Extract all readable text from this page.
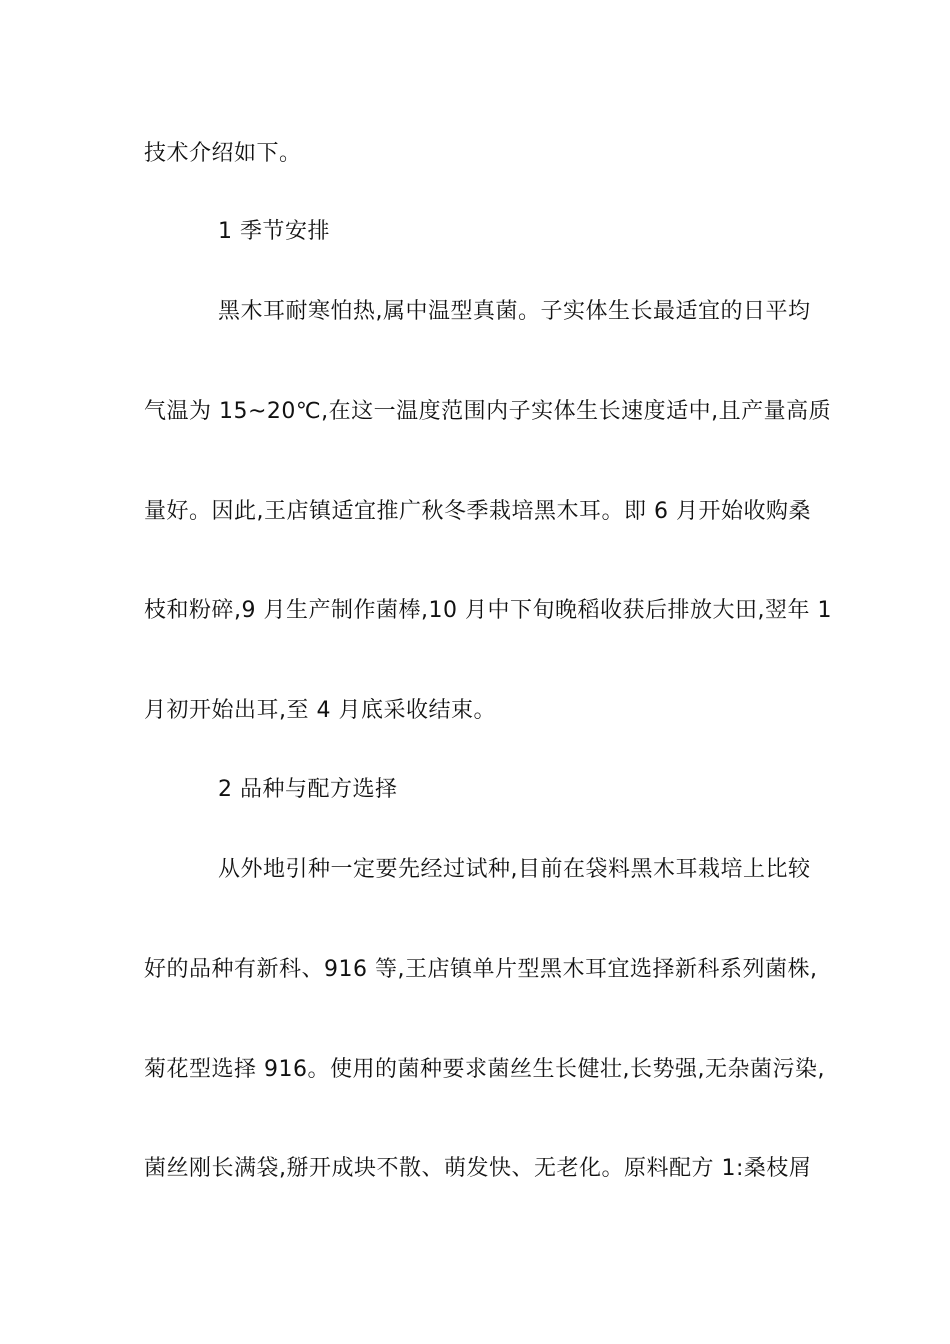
技术介绍如下。
1 季节安排
黑木耳耐寒怕热,属中温型真菌。子实体生长最适宜的日平均
气温为 15~20℃,在这一温度范围内子实体生长速度适中,且产量高质
量好。因此,王店镇适宜推广秋冬季栽培黑木耳。即 6 月开始收购桑
枝和粉碎,9 月生产制作菌棒,10 月中下旬晚稻收获后排放大田,翌年 1
月初开始出耳,至 4 月底采收结束。
2 品种与配方选择
从外地引种一定要先经过试种,目前在袋料黑木耳栽培上比较
好的品种有新科、916 等,王店镇单片型黑木耳宜选择新科系列菌株,
菊花型选择 916。使用的菌种要求菌丝生长健壮,长势强,无杂菌污染,
菌丝刚长满袋,掰开成块不散、萌发快、无老化。原料配方 1:桑枝屑
